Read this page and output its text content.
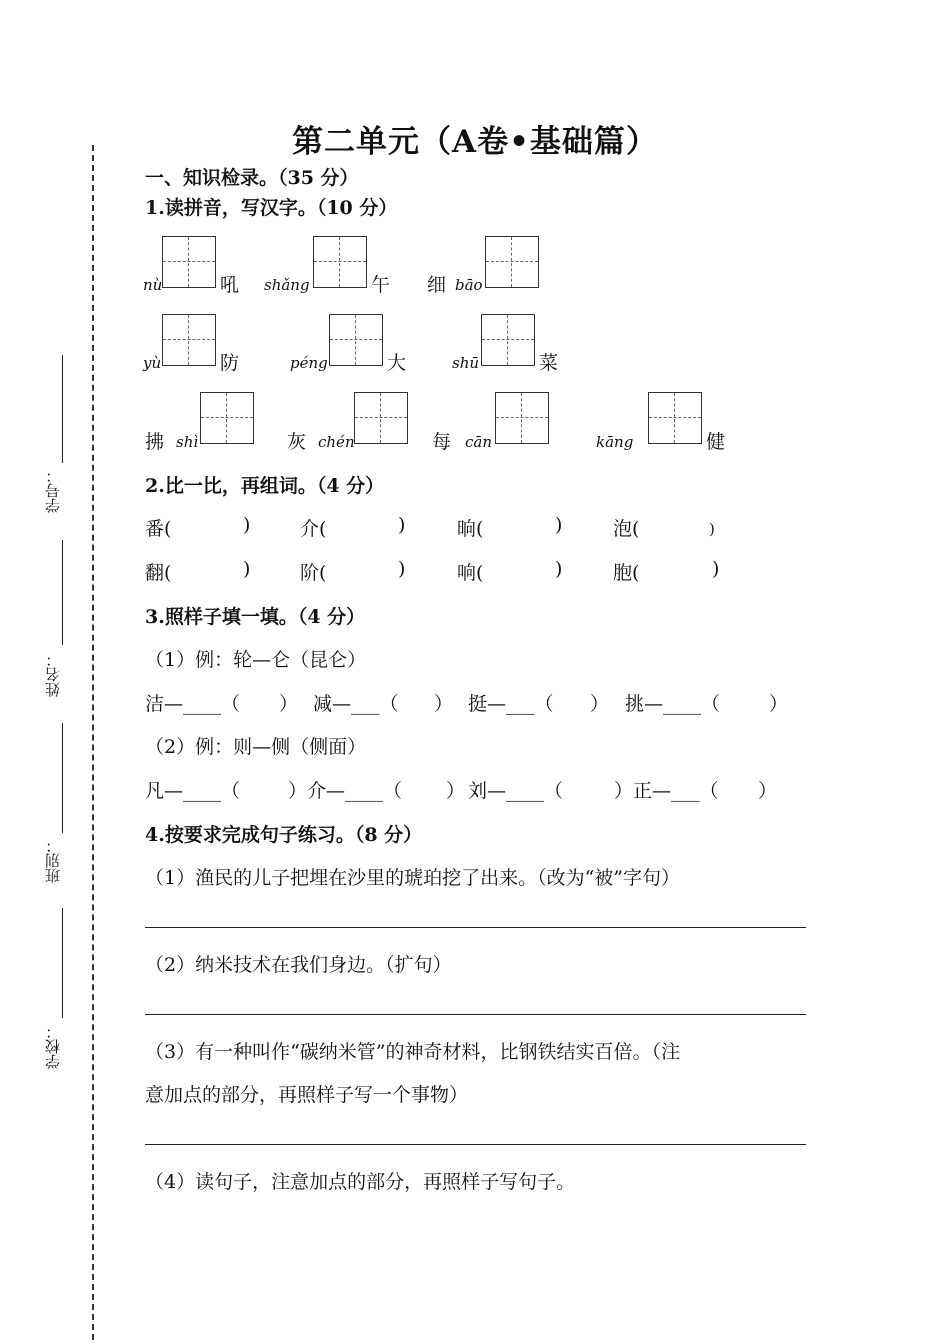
学号：
姓名：
班别：
学校：
第二单元（A卷•基础篇）
一、知识检录。（35 分）
1.读拼音，写汉字。（10 分）
nù	吼 shǎng	午 细 bāo
yù	防	péng	大	shū	菜
拂 shì	灰 chén	每 cān	kāng	健
2.比一比，再组词。（4 分）
番(	)	介(	)	晌(	)	泡(	)
翻(	)	阶(	)	响(	)	胞(	)
3.照样子填一填。（4 分）
（1）例：轮—仑（昆仑）
洁—____（ ） 减—___（ ） 挺—___（ ） 挑—____（	）
（2）例：则—侧（侧面）
凡—____（	）介—____（ ） 刘—____（	）正—___（ ）
4.按要求完成句子练习。（8 分）
（1）渔民的儿子把埋在沙里的琥珀挖了出来。（改为“被”字句）
（2）纳米技术在我们身边。（扩句）
（3）有一种叫作“碳纳米管”的神奇材料，比钢铁结实百倍。（注
意加点的部分，再照样子写一个事物）
（4）读句子，注意加点的部分，再照样子写句子。
